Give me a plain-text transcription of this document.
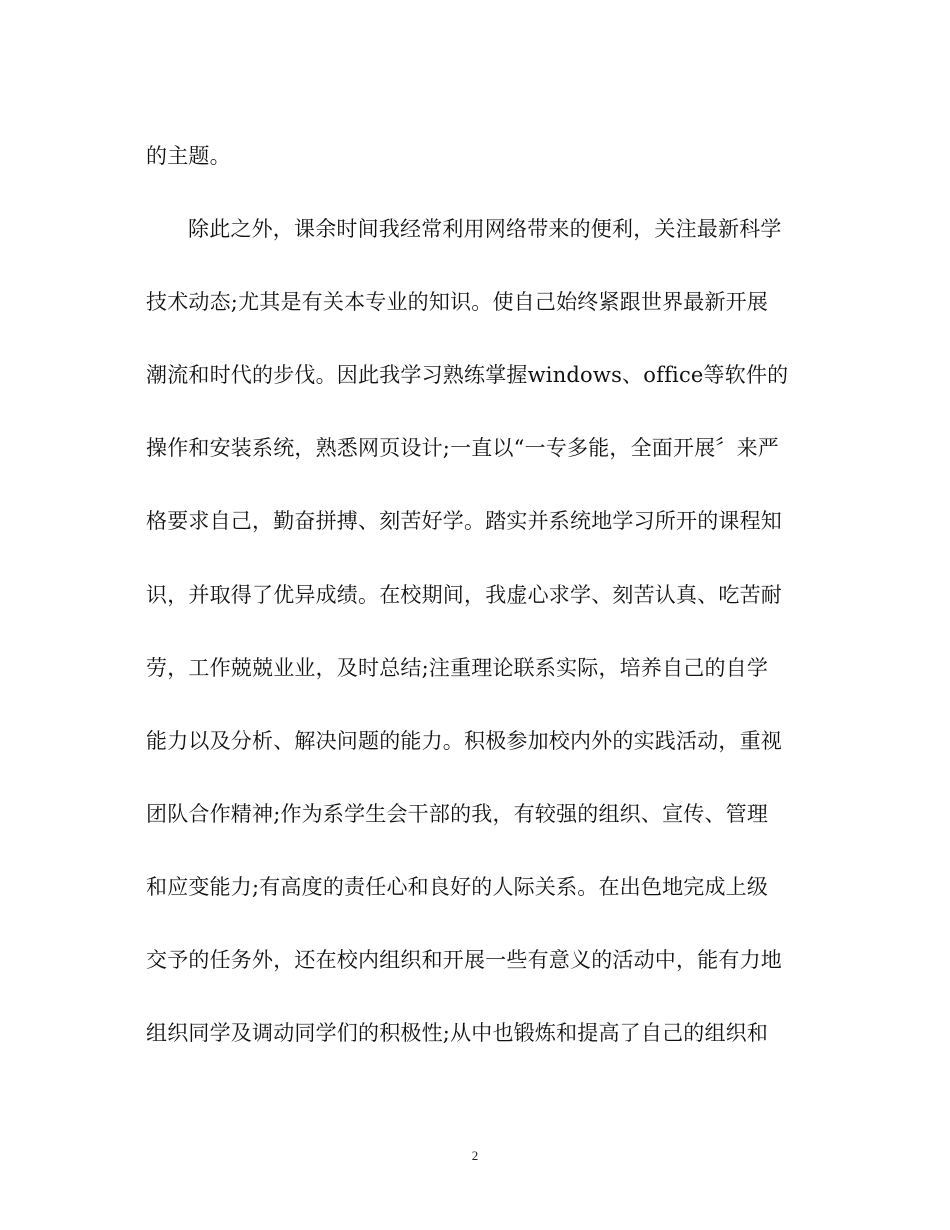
的主题。
除此之外，课余时间我经常利用网络带来的便利，关注最新科学
技术动态;尤其是有关本专业的知识。使自己始终紧跟世界最新开展
潮流和时代的步伐。因此我学习熟练掌握windows、office等软件的
操作和安装系统，熟悉网页设计;一直以“一专多能，全面开展〞来严
格要求自己，勤奋拼搏、刻苦好学。踏实并系统地学习所开的课程知
识，并取得了优异成绩。在校期间，我虚心求学、刻苦认真、吃苦耐
劳，工作兢兢业业，及时总结;注重理论联系实际，培养自己的自学
能力以及分析、解决问题的能力。积极参加校内外的实践活动，重视
团队合作精神;作为系学生会干部的我，有较强的组织、宣传、管理
和应变能力;有高度的责任心和良好的人际关系。在出色地完成上级
交予的任务外，还在校内组织和开展一些有意义的活动中，能有力地
组织同学及调动同学们的积极性;从中也锻炼和提高了自己的组织和
2
